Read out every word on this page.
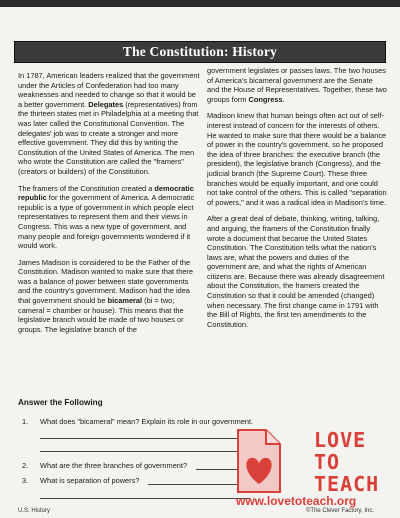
The Constitution: History

In 1787, American leaders realized that the government under the Articles of Confederation had too many weaknesses and needed to change so that it would be a better government. Delegates (representatives) from the thirteen states met in Philadelphia at a meeting that was later called the Constitutional Convention. The delegates' job was to create a stronger and more effective government. They did this by writing the Constitution of the United States of America. The men who wrote the Constitution are called the "framers" (creators or builders) of the Constitution.

The framers of the Constitution created a democratic republic for the government of America. A democratic republic is a type of government in which people elect representatives to represent them and their views in Congress. This was a new type of government, and many people and foreign governments wondered if it would work.

James Madison is considered to be the Father of the Constitution. Madison wanted to make sure that there was a balance of power between state governments and the country's government. Madison had the idea that government should be bicameral (bi = two; cameral = chamber or house). This means that the legislative branch would be made of two houses or groups. The legislative branch of the

government legislates or passes laws. The two houses of America's bicameral government are the Senate and the House of Representatives. Together, these two groups form Congress.

Madison knew that human beings often act out of self-interest instead of concern for the interests of others. He wanted to make sure that there would be a balance of power in the country's government, so he proposed the idea of three branches: the executive branch (the president), the legislative branch (Congress), and the judicial branch (the Supreme Court). These three branches would be equally important, and one could not take control of the others. This is called "separation of powers," and it was a radical idea in Madison's time.

After a great deal of debate, thinking, writing, talking, and arguing, the framers of the Constitution finally wrote a document that became the United States Constitution. The Constitution tells what the nation's laws are, what the powers and duties of the government are, and what the rights of American citizens are. Because there was already disagreement about the Constitution, the framers created the Constitution so that it could be amended (changed) when necessary. The first change came in 1791 with the Bill of Rights, the first ten amendments to the Constitution.

Answer the Following
1. What does "bicameral" mean? Explain its role in our government.
2. What are the three branches of government?
3. What is separation of powers?
LOVE
TO
TEACH
www.lovetoteach.org
U.S. History	©The Clever Factory, Inc.
